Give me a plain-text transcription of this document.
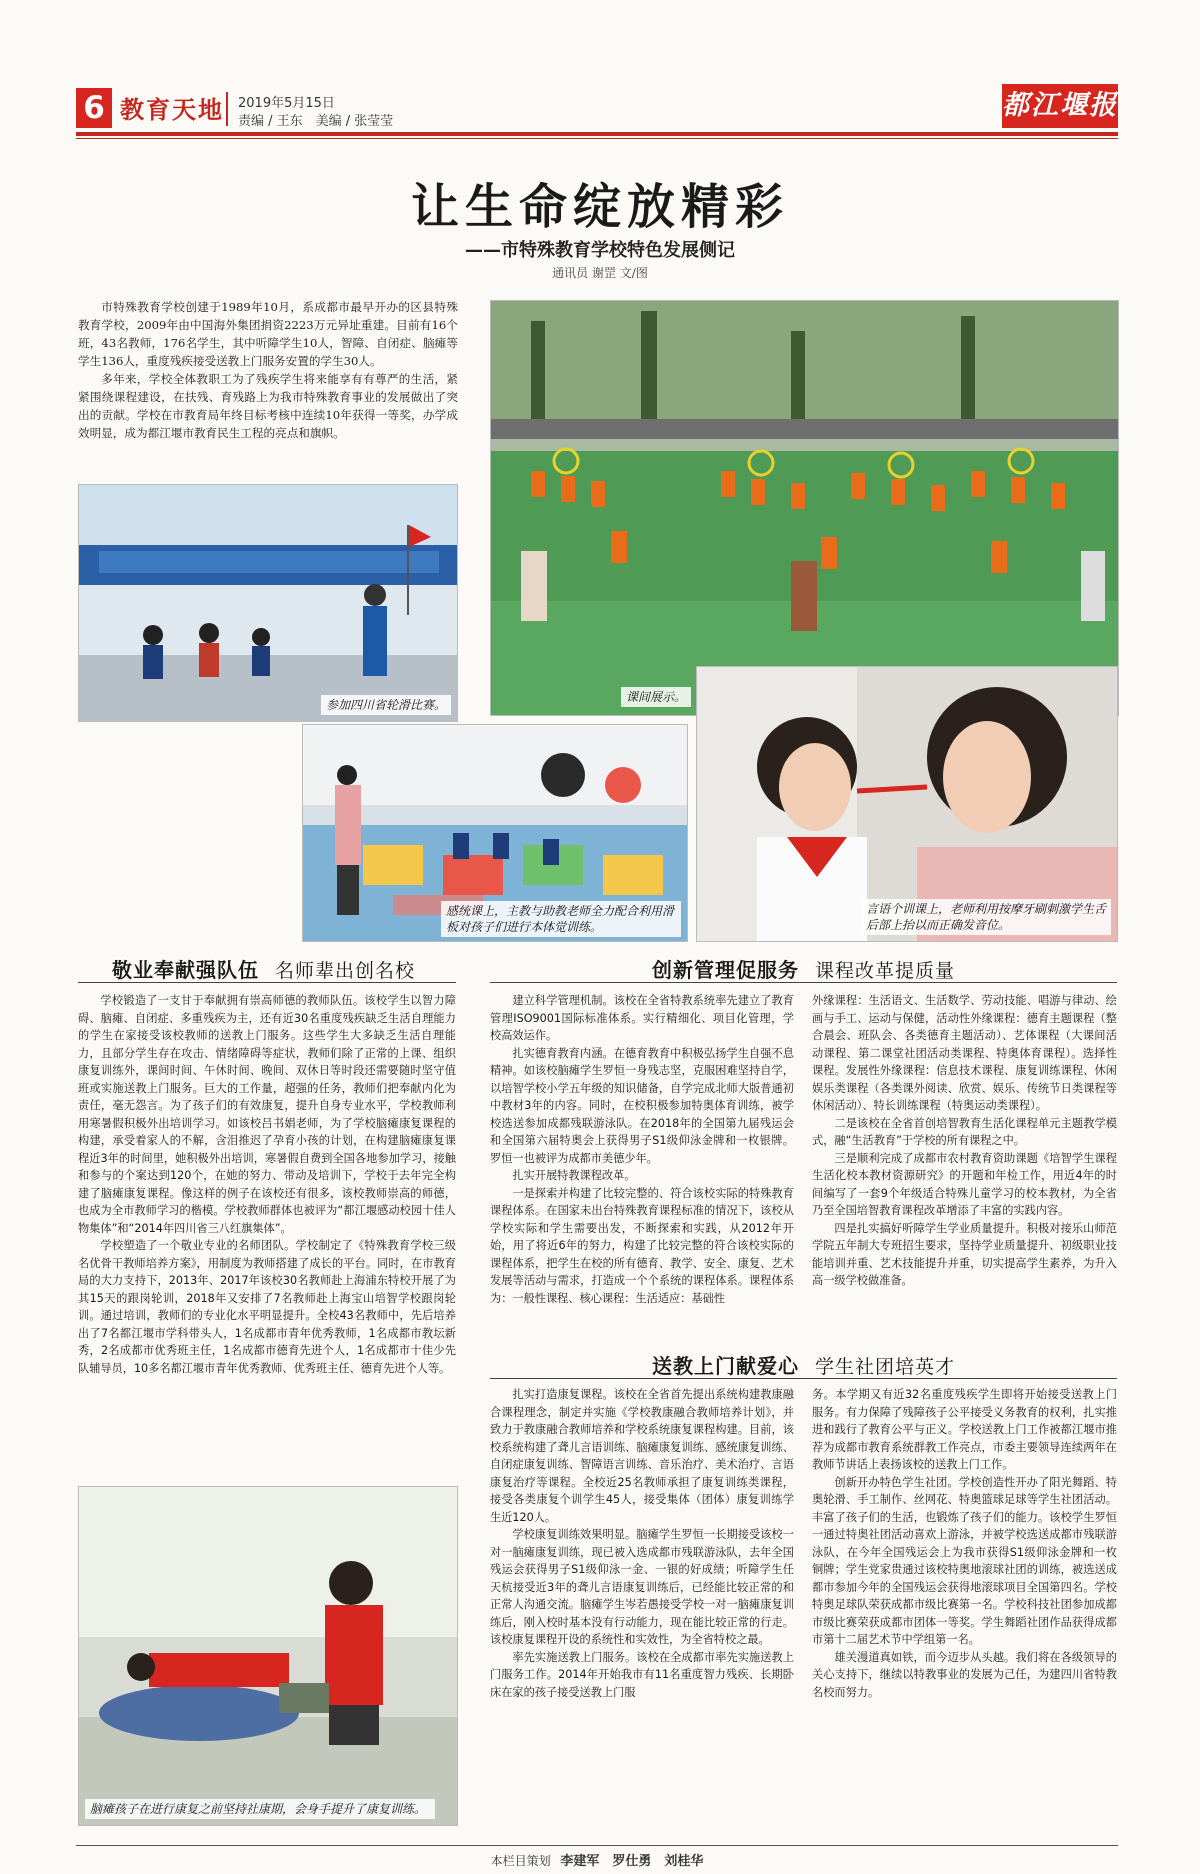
6 教育天地 2019年5月15日
责编 / 王东　美编 / 张莹莹
都江堰报
让生命绽放精彩
——市特殊教育学校特色发展侧记
通讯员 谢罡 文/图

市特殊教育学校创建于1989年10月，系成都市最早开办的区县特殊教育学校，2009年由中国海外集团捐资2223万元异址重建。目前有16个班，43名教师，176名学生，其中听障学生10人，智障、自闭症、脑瘫等学生136人，重度残疾接受送教上门服务安置的学生30人。

多年来，学校全体教职工为了残疾学生将来能享有有尊严的生活，紧紧围绕课程建设，在扶残、育残路上为我市特殊教育事业的发展做出了突出的贡献。学校在市教育局年终目标考核中连续10年获得一等奖，办学成效明显，成为都江堰市教育民生工程的亮点和旗帜。

参加四川省轮滑比赛。
课间展示。
感统课上，主教与助教老师全力配合利用滑板对孩子们进行本体觉训练。
言语个训课上，老师利用按摩牙刷刺激学生舌后部上抬以而正确发音位。
敬业奉献强队伍 名师辈出创名校

学校锻造了一支甘于奉献拥有崇高师德的教师队伍。该校学生以智力障碍、脑瘫、自闭症、多重残疾为主，还有近30名重度残疾缺乏生活自理能力的学生在家接受该校教师的送教上门服务。这些学生大多缺乏生活自理能力，且部分学生存在攻击、情绪障碍等症状，教师们除了正常的上课、组织康复训练外，课间时间、午休时间、晚间、双休日等时段还需要随时坚守值班或实施送教上门服务。巨大的工作量，超强的任务，教师们把奉献内化为责任，毫无怨言。为了孩子们的有效康复，提升自身专业水平，学校教师利用寒暑假积极外出培训学习。如该校吕书娟老师，为了学校脑瘫康复课程的构建，承受着家人的不解，含泪推迟了孕育小孩的计划，在构建脑瘫康复课程近3年的时间里，她积极外出培训，寒暑假自费到全国各地参加学习，接触和参与的个案达到120个，在她的努力、带动及培训下，学校于去年完全构建了脑瘫康复课程。像这样的例子在该校还有很多，该校教师崇高的师德，也成为全市教师学习的楷模。学校教师群体也被评为“都江堰感动校园十佳人物集体”和“2014年四川省三八红旗集体”。

学校塑造了一个敬业专业的名师团队。学校制定了《特殊教育学校三级名优骨干教师培养方案》，用制度为教师搭建了成长的平台。同时，在市教育局的大力支持下，2013年、2017年该校30名教师赴上海浦东特校开展了为其15天的跟岗轮训，2018年又安排了7名教师赴上海宝山培智学校跟岗轮训。通过培训，教师们的专业化水平明显提升。全校43名教师中，先后培养出了7名都江堰市学科带头人，1名成都市青年优秀教师，1名成都市教坛新秀，2名成都市优秀班主任，1名成都市德育先进个人，1名成都市十佳少先队辅导员，10多名都江堰市青年优秀教师、优秀班主任、德育先进个人等。

脑瘫孩子在进行康复之前坚持社康期，会身手提升了康复训练。
创新管理促服务 课程改革提质量

建立科学管理机制。该校在全省特教系统率先建立了教育管理ISO9001国际标准体系。实行精细化、项目化管理，学校高效运作。

扎实德育教育内涵。在德育教育中积极弘扬学生自强不息精神。如该校脑瘫学生罗恒一身残志坚，克服困难坚持自学，以培智学校小学五年级的知识储备，自学完成北师大版普通初中教材3年的内容。同时，在校积极参加特奥体育训练，被学校选送参加成都残联游泳队。在2018年的全国第九届残运会和全国第六届特奥会上获得男子S1级仰泳金牌和一枚银牌。罗恒一也被评为成都市美德少年。

扎实开展特教课程改革。

一是探索并构建了比较完整的、符合该校实际的特殊教育课程体系。在国家未出台特殊教育课程标准的情况下，该校从学校实际和学生需要出发，不断探索和实践，从2012年开始，用了将近6年的努力，构建了比较完整的符合该校实际的课程体系，把学生在校的所有德育、教学、安全、康复、艺术发展等活动与需求，打造成一个个系统的课程体系。课程体系为：一般性课程、核心课程：生活适应：基础性

外缘课程：生活语文、生活数学、劳动技能、唱游与律动、绘画与手工、运动与保健，活动性外缘课程：德育主题课程（整合晨会、班队会、各类德育主题活动）、艺体课程（大课间活动课程、第二课堂社团活动类课程、特奥体育课程）。选择性课程。发展性外缘课程：信息技术课程、康复训练课程、休闲娱乐类课程（各类课外阅读、欣赏、娱乐、传统节日类课程等休闲活动）、特长训练课程（特奥运动类课程）。

二是该校在全省首创培智教育生活化课程单元主题教学模式，融“生活教育”于学校的所有课程之中。

三是顺利完成了成都市农村教育资助课题《培智学生课程生活化校本教材资源研究》的开题和年检工作，用近4年的时间编写了一套9个年级适合特殊儿童学习的校本教材，为全省乃至全国培智教育课程改革增添了丰富的实践内容。

四是扎实搞好听障学生学业质量提升。积极对接乐山师范学院五年制大专班招生要求，坚持学业质量提升、初级职业技能培训并重、艺术技能提升并重，切实提高学生素养，为升入高一级学校做准备。

送教上门献爱心 学生社团培英才

扎实打造康复课程。该校在全省首先提出系统构建教康融合课程理念，制定并实施《学校教康融合教师培养计划》，并致力于教康融合教师培养和学校系统康复课程构建。目前，该校系统构建了聋儿言语训练、脑瘫康复训练、感统康复训练、自闭症康复训练、智障语言训练、音乐治疗、美术治疗、言语康复治疗等课程。全校近25名教师承担了康复训练类课程，接受各类康复个训学生45人，接受集体（团体）康复训练学生近120人。

学校康复训练效果明显。脑瘫学生罗恒一长期接受该校一对一脑瘫康复训练，现已被入选成都市残联游泳队，去年全国残运会获得男子S1级仰泳一金、一银的好成绩；听障学生任天杭接受近3年的聋儿言语康复训练后，已经能比较正常的和正常人沟通交流。脑瘫学生岑若愚接受学校一对一脑瘫康复训练后，刚入校时基本没有行动能力，现在能比较正常的行走。该校康复课程开设的系统性和实效性，为全省特校之最。

率先实施送教上门服务。该校在全成都市率先实施送教上门服务工作。2014年开始我市有11名重度智力残疾、长期卧床在家的孩子接受送教上门服

务。本学期又有近32名重度残疾学生即将开始接受送教上门服务。有力保障了残障孩子公平接受义务教育的权利，扎实推进和践行了教育公平与正义。学校送教上门工作被都江堰市推荐为成都市教育系统群教工作亮点，市委主要领导连续两年在教师节讲话上表扬该校的送教上门工作。

创新开办特色学生社团。学校创造性开办了阳光舞蹈、特奥轮滑、手工制作、丝网花、特奥篮球足球等学生社团活动。丰富了孩子们的生活，也锻炼了孩子们的能力。该校学生罗恒一通过特奥社团活动喜欢上游泳，并被学校选送成都市残联游泳队，在今年全国残运会上为我市获得S1级仰泳金牌和一枚铜牌；学生党家贵通过该校特奥地滚球社团的训练，被选送成都市参加今年的全国残运会获得地滚球项目全国第四名。学校特奥足球队荣获成都市级比赛第一名。学校科技社团参加成都市级比赛荣获成都市团体一等奖。学生舞蹈社团作品获得成都市第十二届艺术节中学组第一名。

雄关漫道真如铁，而今迈步从头越。我们将在各级领导的关心支持下，继续以特教事业的发展为己任，为建四川省特教名校而努力。

本栏目策划 李建军　罗仕勇　刘桂华
